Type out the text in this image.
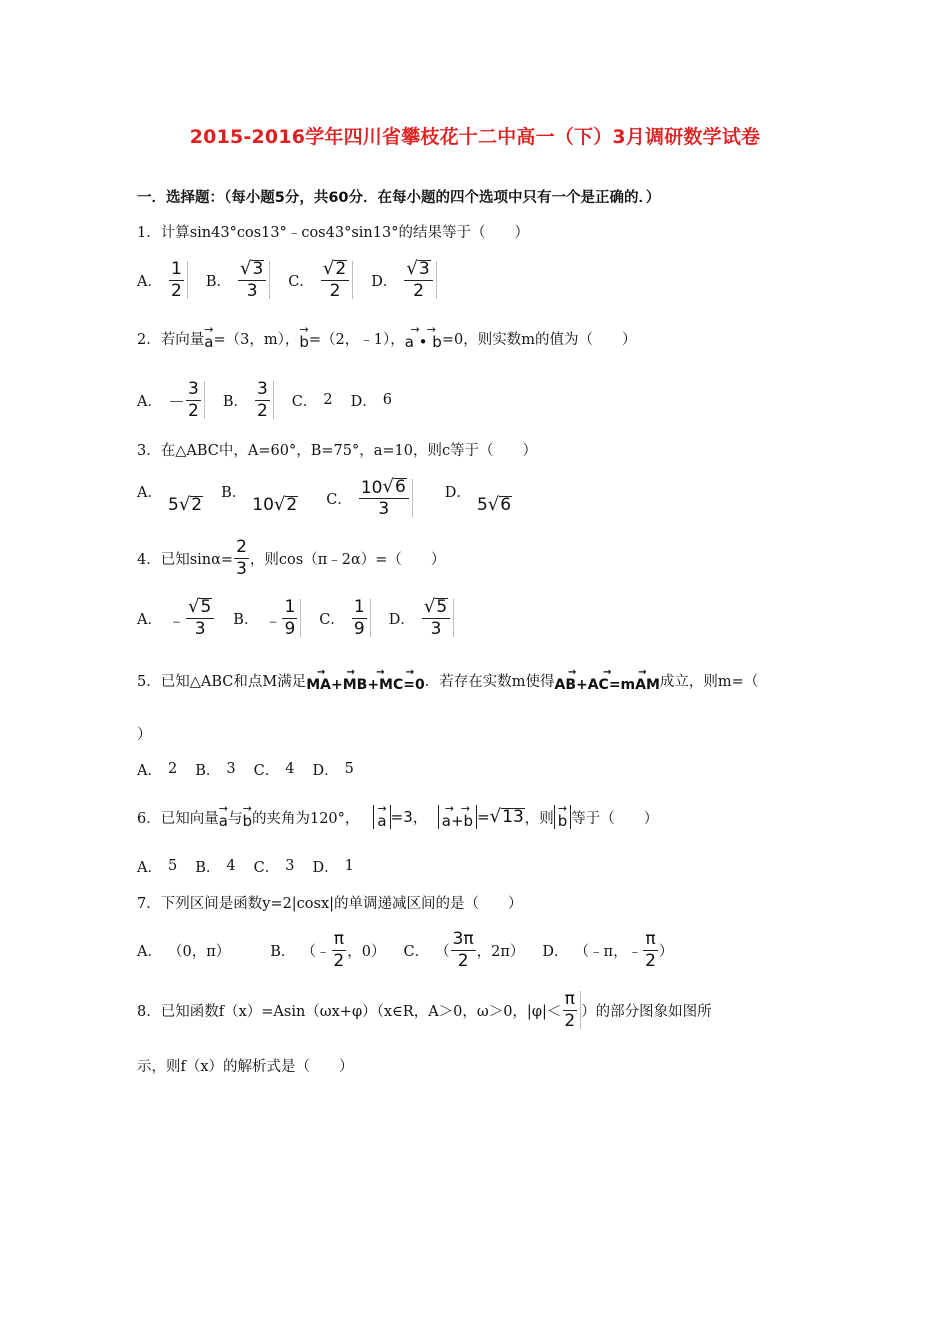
2015-2016学年四川省攀枝花十二中高一（下）3月调研数学试卷
一．选择题：（每小题5分，共60分．在每小题的四个选项中只有一个是正确的．）
1．计算sin43°cos13°﹣cos43°sin13°的结果等于（　　）
A． $\frac{1}{2}$ B． $\frac{√ 3}{3}$ C． $\frac{√ 2}{2}$ D． $\frac{√ 3}{2}$
2．若向量
→
a =（3，m），
→
b =（2，﹣1），
→  →
a • b =0，则实数m的值为（　　）
A． － $\frac{3}{2}$ B． $\frac{3}{2}$ C． 2 D． 6
3．在△ABC中，A=60°，B=75°，a=10，则c等于（　　）
A．
5 √ 2
B．
10 √ 2 C． $\frac{10 √ 6}{3}$ D．
5 √ 6
4．已知$\sin\alpha= \frac{2}{3}$ ，则cos（π﹣2α）=（　　）
A． ﹣ $\frac{√ 5}{3}$ B． ﹣ $\frac{1}{9}$ C． $\frac{1}{9}$ D． $\frac{√ 5}{3}$
5．已知△ABC和点M满足
→ → → →
MA+MB+MC=0 ．若存在实数m使得
→	→	→
AB+AC=mAM 成立，则m=（
）
A． 2 B． 3 C． 4 D． 5
6．已知向量
→
a 与
→
b 的夹角为120°，
→
a =3， →  →
a+b = √ 13 ，则
→
b 等于（　　）
A． 5 B． 4 C． 3 D． 1
7．下列区间是函数y=2|cosx|的单调递减区间的是（　　）
A． （0，π）	B． （﹣ $\frac{\pi}{2}$ ，0） C． （ $\frac{3\pi}{2}$ ，2π） D． （﹣π，﹣ $\frac{\pi}{2}$ ）
8．已知函数f（x）=Asin（ωx+φ）（x∈R，A＞0，ω＞0，$|\varphi|< \frac{\pi}{2}$ ）的部分图象如图所
示，则f（x）的解析式是（　　）
